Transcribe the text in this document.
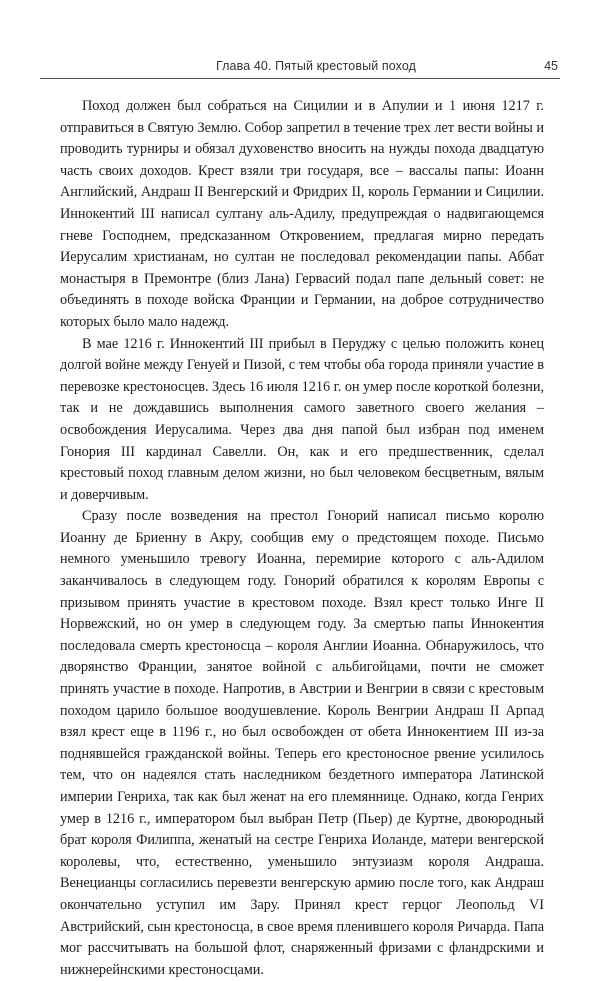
Глава 40. Пятый крестовый поход	45

Поход должен был собраться на Сицилии и в Апулии и 1 июня 1217 г. отправиться в Святую Землю. Собор запретил в течение трех лет вести войны и проводить турниры и обязал духовенство вносить на нужды похода двадцатую часть своих доходов. Крест взяли три государя, все – вассалы папы: Иоанн Английский, Андраш II Венгерский и Фридрих II, король Германии и Сицилии. Иннокентий III написал султану аль-Адилу, предупреждая о надвигающемся гневе Господнем, предсказанном Откровением, предлагая мирно передать Иерусалим христианам, но султан не последовал рекомендации папы. Аббат монастыря в Премонтре (близ Лана) Гервасий подал папе дельный совет: не объединять в походе войска Франции и Германии, на доброе сотрудничество которых было мало надежд.

В мае 1216 г. Иннокентий III прибыл в Перуджу с целью положить конец долгой войне между Генуей и Пизой, с тем чтобы оба города приняли участие в перевозке крестоносцев. Здесь 16 июля 1216 г. он умер после короткой болезни, так и не дождавшись выполнения самого заветного своего желания – освобождения Иерусалима. Через два дня папой был избран под именем Гонория III кардинал Савелли. Он, как и его предшественник, сделал крестовый поход главным делом жизни, но был человеком бесцветным, вялым и доверчивым.

Сразу после возведения на престол Гонорий написал письмо королю Иоанну де Бриенну в Акру, сообщив ему о предстоящем походе. Письмо немного уменьшило тревогу Иоанна, перемирие которого с аль-Адилом заканчивалось в следующем году. Гонорий обратился к королям Европы с призывом принять участие в крестовом походе. Взял крест только Инге II Норвежский, но он умер в следующем году. За смертью папы Иннокентия последовала смерть крестоносца – короля Англии Иоанна. Обнаружилось, что дворянство Франции, занятое войной с альбигойцами, почти не сможет принять участие в походе. Напротив, в Австрии и Венгрии в связи с крестовым походом царило большое воодушевление. Король Венгрии Андраш II Арпад взял крест еще в 1196 г., но был освобожден от обета Иннокентием III из-за поднявшейся гражданской войны. Теперь его крестоносное рвение усилилось тем, что он надеялся стать наследником бездетного императора Латинской империи Генриха, так как был женат на его племяннице. Однако, когда Генрих умер в 1216 г., императором был выбран Петр (Пьер) де Куртне, двоюродный брат короля Филиппа, женатый на сестре Генриха Иоланде, матери венгерской королевы, что, естественно, уменьшило энтузиазм короля Андраша. Венецианцы согласились перевезти венгерскую армию после того, как Андраш окончательно уступил им Зару. Принял крест герцог Леопольд VI Австрийский, сын крестоносца, в свое время пленившего короля Ричарда. Папа мог рассчитывать на большой флот, снаряженный фризами с фландрскими и нижнерейнскими крестоносцами.
